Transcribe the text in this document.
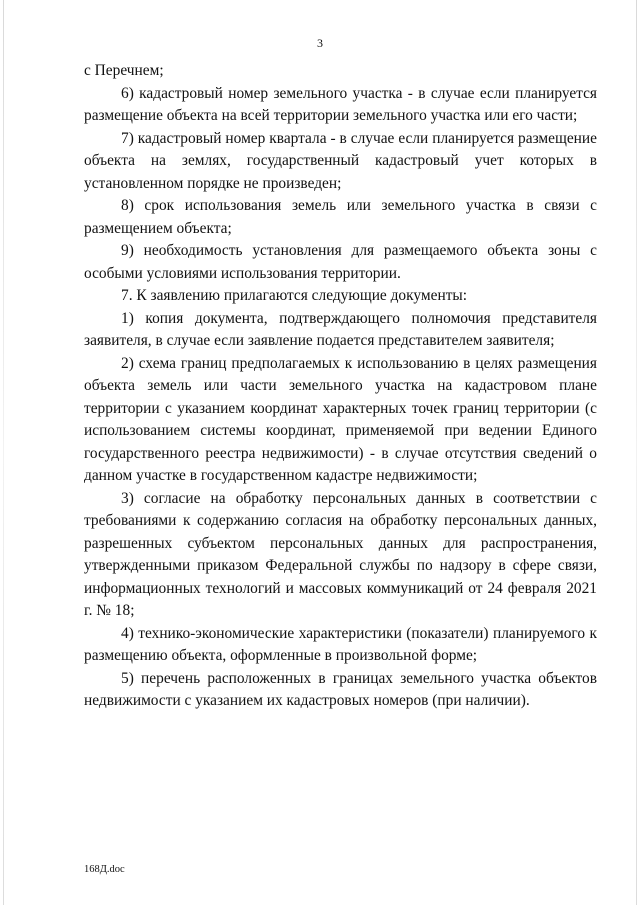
3

с Перечнем;

6) кадастровый номер земельного участка - в случае если планируется размещение объекта на всей территории земельного участка или его части;

7) кадастровый номер квартала - в случае если планируется размещение объекта на землях, государственный кадастровый учет которых в установленном порядке не произведен;

8) срок использования земель или земельного участка в связи с размещением объекта;

9) необходимость установления для размещаемого объекта зоны с особыми условиями использования территории.

7. К заявлению прилагаются следующие документы:

1) копия документа, подтверждающего полномочия представителя заявителя, в случае если заявление подается представителем заявителя;

2) схема границ предполагаемых к использованию в целях размещения объекта земель или части земельного участка на кадастровом плане территории с указанием координат характерных точек границ территории (с использованием системы координат, применяемой при ведении Единого государственного реестра недвижимости) - в случае отсутствия сведений о данном участке в государственном кадастре недвижимости;

3) согласие на обработку персональных данных в соответствии с требованиями к содержанию согласия на обработку персональных данных, разрешенных субъектом персональных данных для распространения, утвержденными приказом Федеральной службы по надзору в сфере связи, информационных технологий и массовых коммуникаций от 24 февраля 2021 г. № 18;

4) технико-экономические характеристики (показатели) планируемого к размещению объекта, оформленные в произвольной форме;

5) перечень расположенных в границах земельного участка объектов недвижимости с указанием их кадастровых номеров (при наличии).

168Д.doc
